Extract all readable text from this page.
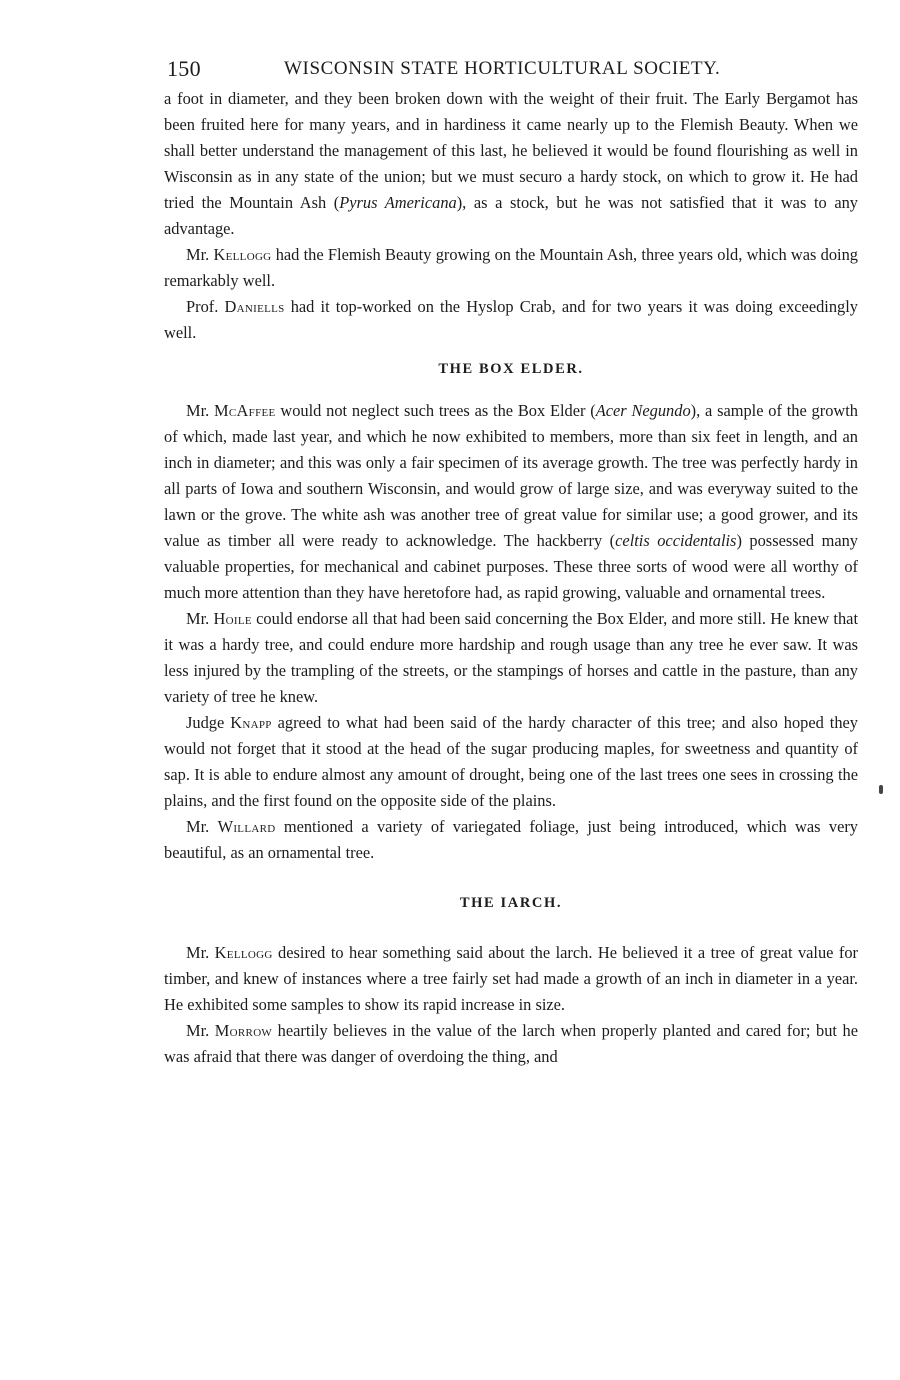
150	WISCONSIN STATE HORTICULTURAL SOCIETY.

a foot in diameter, and they been broken down with the weight of their fruit. The Early Bergamot has been fruited here for many years, and in hardiness it came nearly up to the Flemish Beauty. When we shall better understand the management of this last, he believed it would be found flourishing as well in Wisconsin as in any state of the union; but we must securo a hardy stock, on which to grow it. He had tried the Mountain Ash (Pyrus Americana), as a stock, but he was not satisfied that it was to any advantage.

Mr. Kellogg had the Flemish Beauty growing on the Mountain Ash, three years old, which was doing remarkably well.

Prof. Daniells had it top-worked on the Hyslop Crab, and for two years it was doing exceedingly well.

THE BOX ELDER.

Mr. McAffee would not neglect such trees as the Box Elder (Acer Negundo), a sample of the growth of which, made last year, and which he now exhibited to members, more than six feet in length, and an inch in diameter; and this was only a fair specimen of its average growth. The tree was perfectly hardy in all parts of Iowa and southern Wisconsin, and would grow of large size, and was everyway suited to the lawn or the grove. The white ash was another tree of great value for similar use; a good grower, and its value as timber all were ready to acknowledge. The hackberry (celtis occidentalis) possessed many valuable properties, for mechanical and cabinet purposes. These three sorts of wood were all worthy of much more attention than they have heretofore had, as rapid growing, valuable and ornamental trees.

Mr. Hoile could endorse all that had been said concerning the Box Elder, and more still. He knew that it was a hardy tree, and could endure more hardship and rough usage than any tree he ever saw. It was less injured by the trampling of the streets, or the stampings of horses and cattle in the pasture, than any variety of tree he knew.

Judge Knapp agreed to what had been said of the hardy character of this tree; and also hoped they would not forget that it stood at the head of the sugar producing maples, for sweetness and quantity of sap. It is able to endure almost any amount of drought, being one of the last trees one sees in crossing the plains, and the first found on the opposite side of the plains.

Mr. Willard mentioned a variety of variegated foliage, just being introduced, which was very beautiful, as an ornamental tree.

THE IARCH.

Mr. Kellogg desired to hear something said about the larch. He believed it a tree of great value for timber, and knew of instances where a tree fairly set had made a growth of an inch in diameter in a year. He exhibited some samples to show its rapid increase in size.

Mr. Morrow heartily believes in the value of the larch when properly planted and cared for; but he was afraid that there was danger of overdoing the thing, and
